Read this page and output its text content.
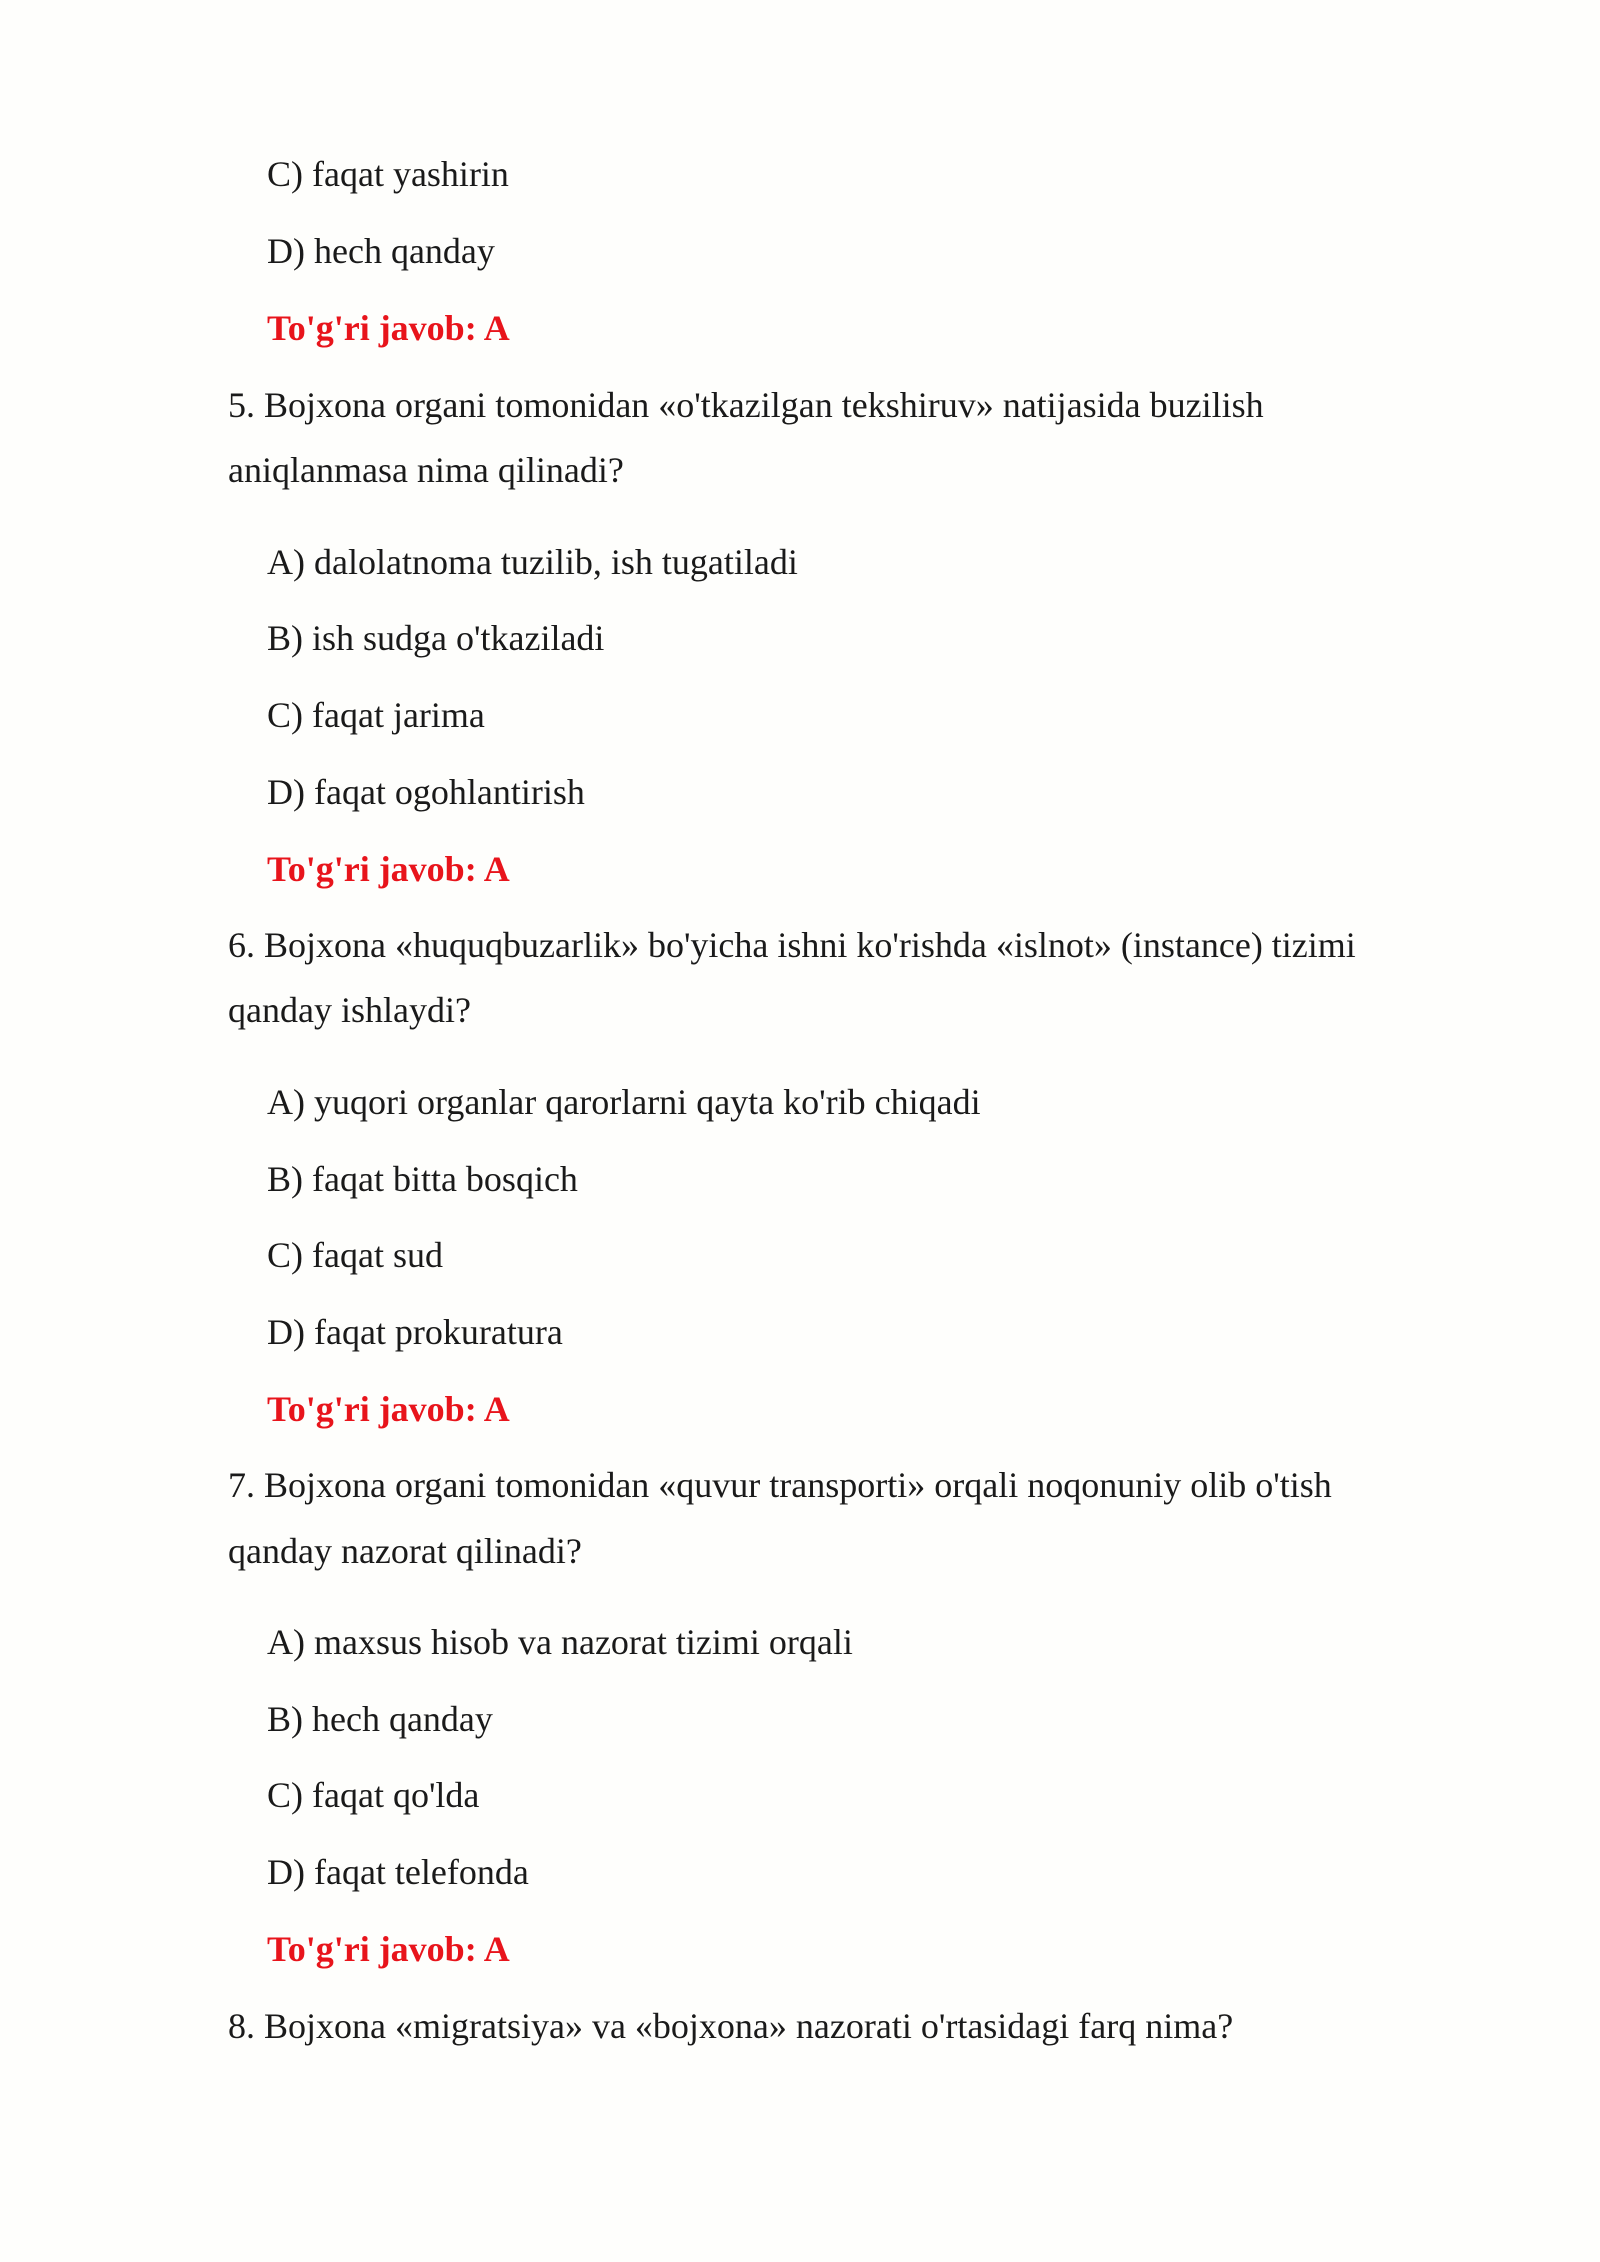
C) faqat yashirin
D) hech qanday
To'g'ri javob: A
5. Bojxona organi tomonidan «o'tkazilgan tekshiruv» natijasida buzilish
aniqlanmasa nima qilinadi?
A) dalolatnoma tuzilib, ish tugatiladi
B) ish sudga o'tkaziladi
C) faqat jarima
D) faqat ogohlantirish
To'g'ri javob: A
6. Bojxona «huquqbuzarlik» bo'yicha ishni ko'rishda «islnot» (instance) tizimi
qanday ishlaydi?
A) yuqori organlar qarorlarni qayta ko'rib chiqadi
B) faqat bitta bosqich
C) faqat sud
D) faqat prokuratura
To'g'ri javob: A
7. Bojxona organi tomonidan «quvur transporti» orqali noqonuniy olib o'tish
qanday nazorat qilinadi?
A) maxsus hisob va nazorat tizimi orqali
B) hech qanday
C) faqat qo'lda
D) faqat telefonda
To'g'ri javob: A
8. Bojxona «migratsiya» va «bojxona» nazorati o'rtasidagi farq nima?
